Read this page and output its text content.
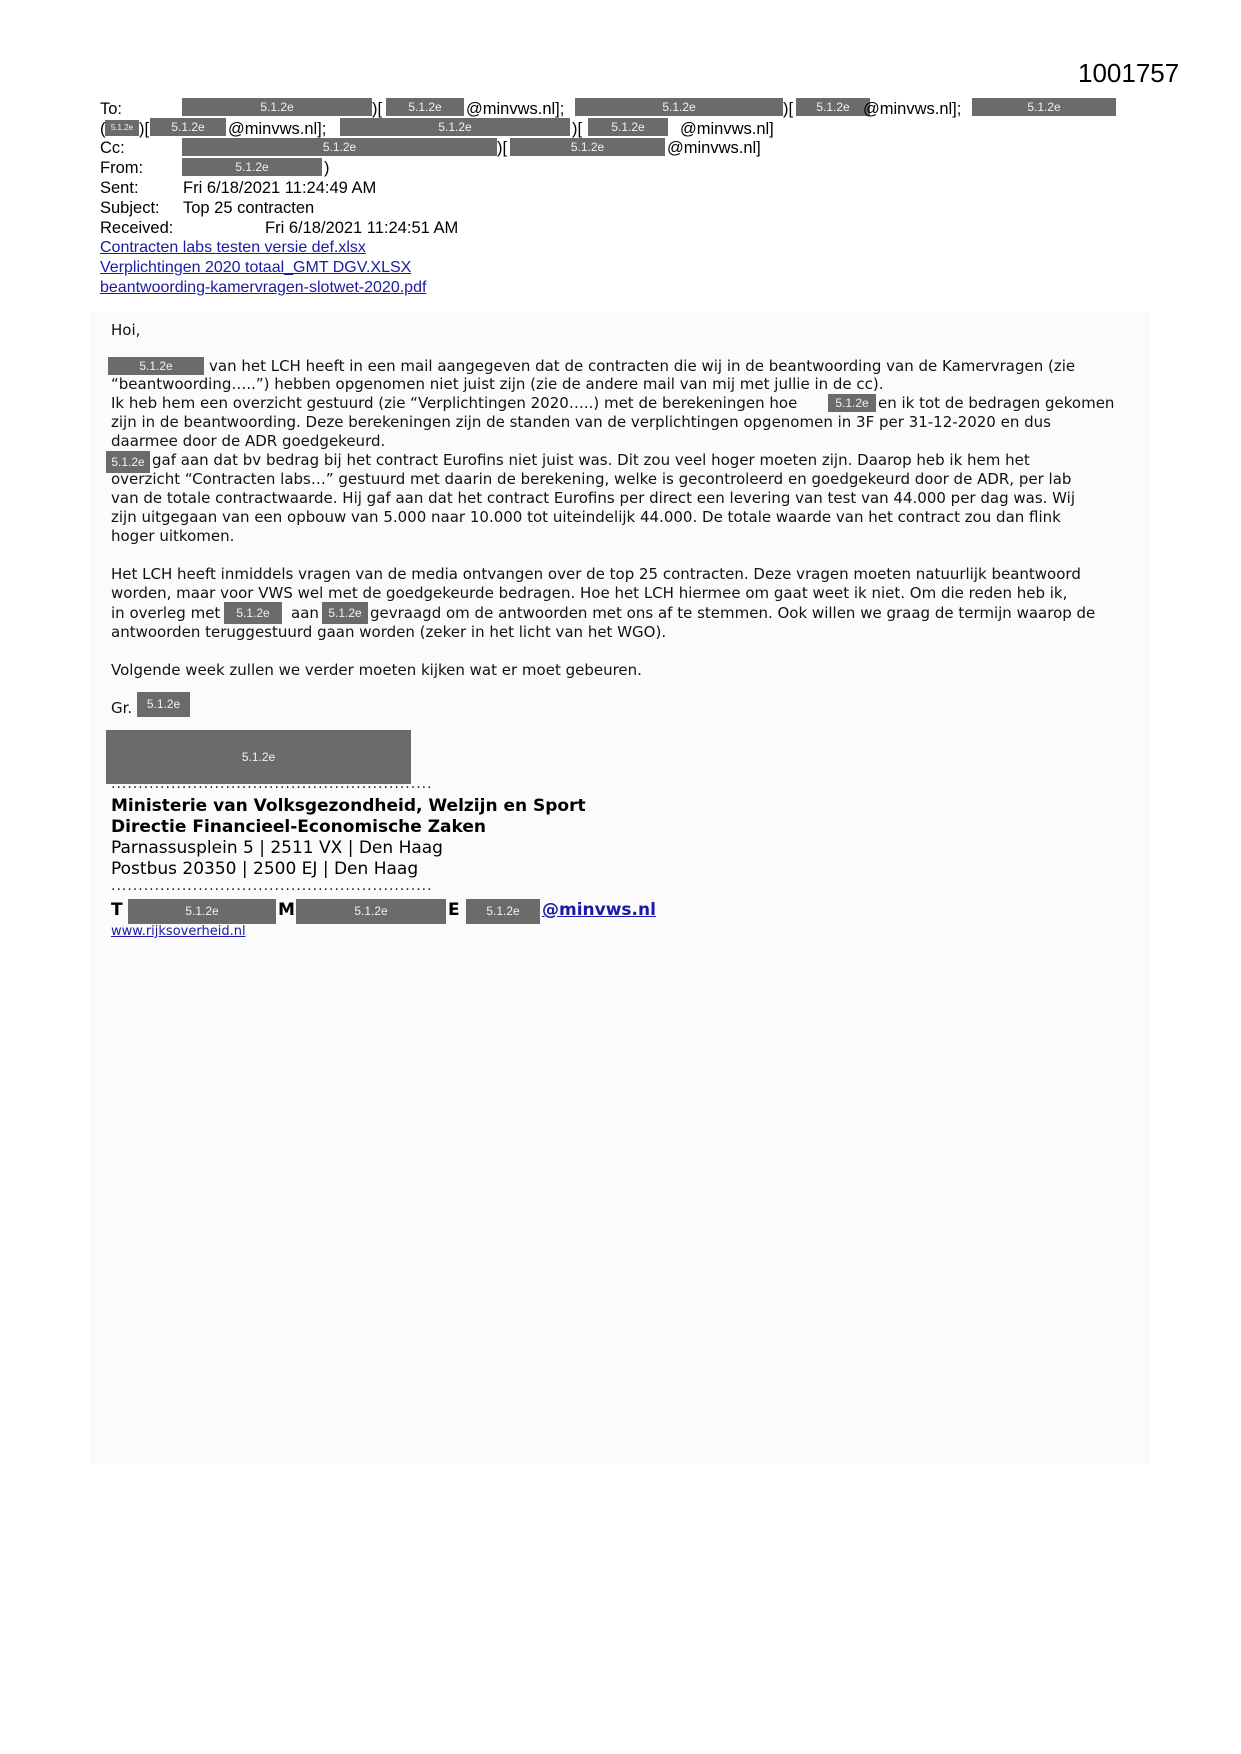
1001757
To:	5.1.2e	)[	5.1.2e	@minvws.nl];	5.1.2e	)[	5.1.2e @minvws.nl];	5.1.2e
( 5.1.2e )[	5.1.2e	@minvws.nl];	5.1.2e	)[	5.1.2e	@minvws.nl]
Cc:	5.1.2e	)[	5.1.2e	@minvws.nl]
From:	5.1.2e	)
Sent:	Fri 6/18/2021 11:24:49 AM
Subject: Top 25 contracten
Received:	Fri 6/18/2021 11:24:51 AM
Contracten labs testen versie def.xlsx
Verplichtingen 2020 totaal_GMT DGV.XLSX
beantwoording-kamervragen-slotwet-2020.pdf
Hoi,
5.1.2e	van het LCH heeft in een mail aangegeven dat de contracten die wij in de beantwoording van de Kamervragen (zie
“beantwoording…..”) hebben opgenomen niet juist zijn (zie de andere mail van mij met jullie in de cc).
Ik heb hem een overzicht gestuurd (zie “Verplichtingen 2020…..) met de berekeningen hoe	5.1.2e en ik tot de bedragen gekomen
zijn in de beantwoording. Deze berekeningen zijn de standen van de verplichtingen opgenomen in 3F per 31-12-2020 en dus
daarmee door de ADR goedgekeurd.
5.1.2e gaf aan dat bv bedrag bij het contract Eurofins niet juist was. Dit zou veel hoger moeten zijn. Daarop heb ik hem het
overzicht “Contracten labs…” gestuurd met daarin de berekening, welke is gecontroleerd en goedgekeurd door de ADR, per lab
van de totale contractwaarde. Hij gaf aan dat het contract Eurofins per direct een levering van test van 44.000 per dag was. Wij
zijn uitgegaan van een opbouw van 5.000 naar 10.000 tot uiteindelijk 44.000. De totale waarde van het contract zou dan flink
hoger uitkomen.
Het LCH heeft inmiddels vragen van de media ontvangen over de top 25 contracten. Deze vragen moeten natuurlijk beantwoord
worden, maar voor VWS wel met de goedgekeurde bedragen. Hoe het LCH hiermee om gaat weet ik niet. Om die reden heb ik,
in overleg met	5.1.2e	aan 5.1.2e gevraagd om de antwoorden met ons af te stemmen. Ook willen we graag de termijn waarop de
antwoorden teruggestuurd gaan worden (zeker in het licht van het WGO).
Volgende week zullen we verder moeten kijken wat er moet gebeuren.
Gr.	5.1.2e
5.1.2e
...........................................................
Ministerie van Volksgezondheid, Welzijn en Sport
Directie Financieel-Economische Zaken
Parnassusplein 5 | 2511 VX | Den Haag
Postbus 20350 | 2500 EJ | Den Haag
...........................................................
T	5.1.2e	M	5.1.2e	E	5.1.2e	@minvws.nl
www.rijksoverheid.nl
